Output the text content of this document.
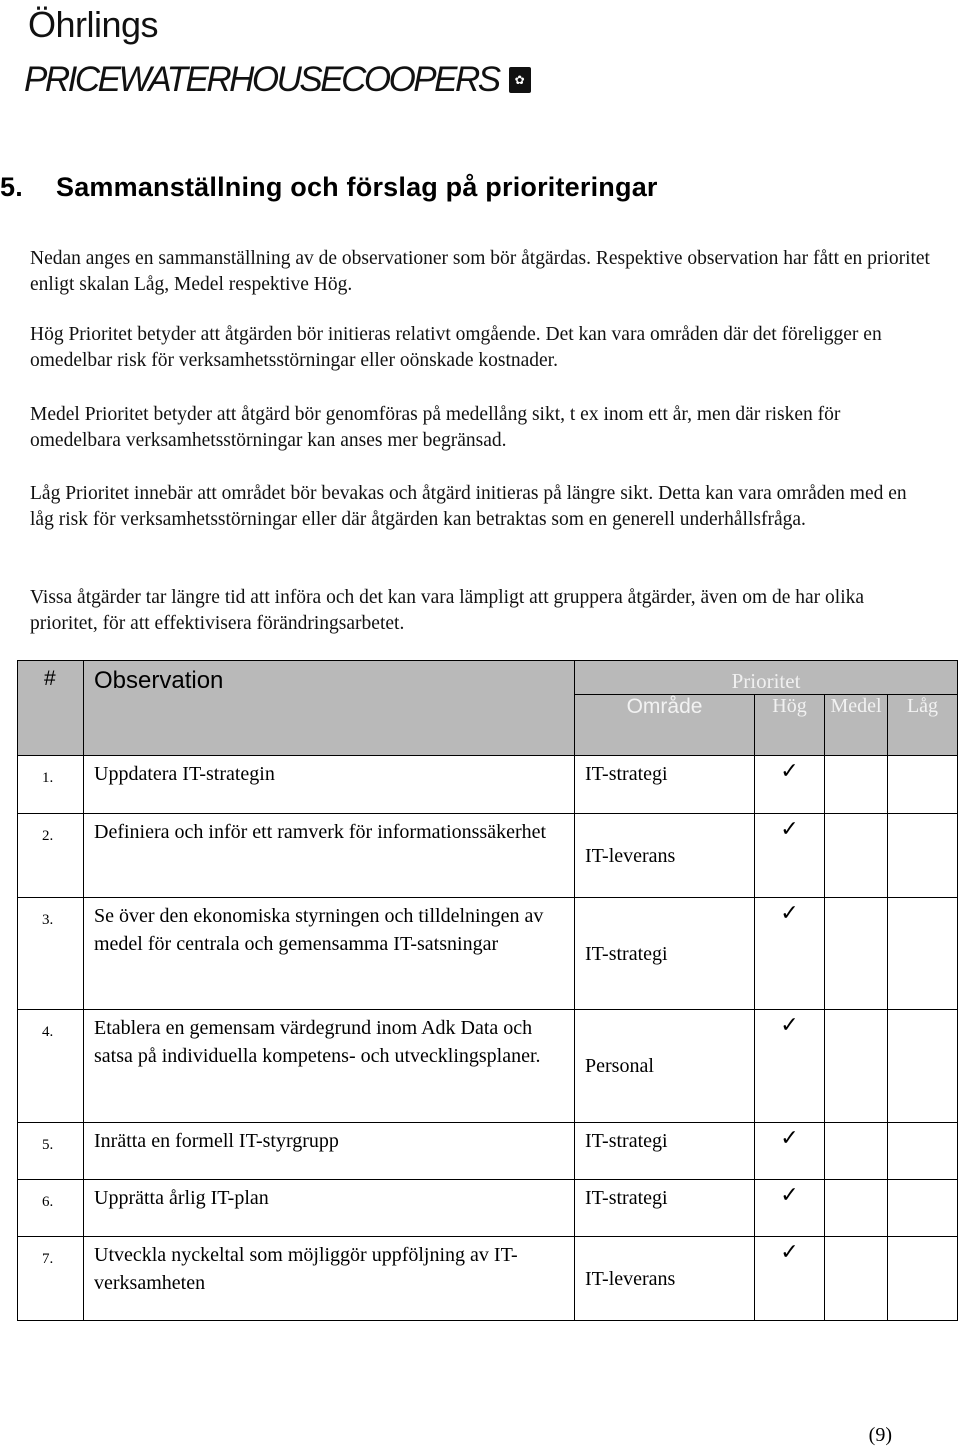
Öhrlings
PRICEWATERHOUSECOOPERS	✿
5. Sammanställning och förslag på prioriteringar

Nedan anges en sammanställning av de observationer som bör åtgärdas. Respektive observation har fått en prioritet enligt skalan Låg, Medel respektive Hög.

Hög Prioritet betyder att åtgärden bör initieras relativt omgående. Det kan vara områden där det föreligger en omedelbar risk för verksamhetsstörningar eller oönskade kostnader.

Medel Prioritet betyder att åtgärd bör genomföras på medellång sikt, t ex inom ett år, men där risken för omedelbara verksamhetsstörningar kan anses mer begränsad.

Låg Prioritet innebär att området bör bevakas och åtgärd initieras på längre sikt. Detta kan vara områden med en låg risk för verksamhetsstörningar eller där åtgärden kan betraktas som en generell underhållsfråga.

Vissa åtgärder tar längre tid att införa och det kan vara lämpligt att gruppera åtgärder, även om de har olika prioritet, för att effektivisera förändringsarbetet.

#	Observation	Prioritet			
		Område	Hög	Medel	Låg
1.	Uppdatera IT-strategin	IT-strategi	✓		
2.	Definiera och inför ett ramverk för informationssäkerhet	IT-leverans	✓		
3.	Se över den ekonomiska styrningen och tilldelningen av medel för centrala och gemensamma IT-satsningar	IT-strategi	✓		
4.	Etablera en gemensam värdegrund inom Adk Data och satsa på individuella kompetens- och utvecklingsplaner.	Personal	✓		
5.	Inrätta en formell IT-styrgrupp	IT-strategi	✓		
6.	Upprätta årlig IT-plan	IT-strategi	✓		
7.	Utveckla nyckeltal som möjliggör uppföljning av IT-verksamheten	IT-leverans	✓		
(9)
